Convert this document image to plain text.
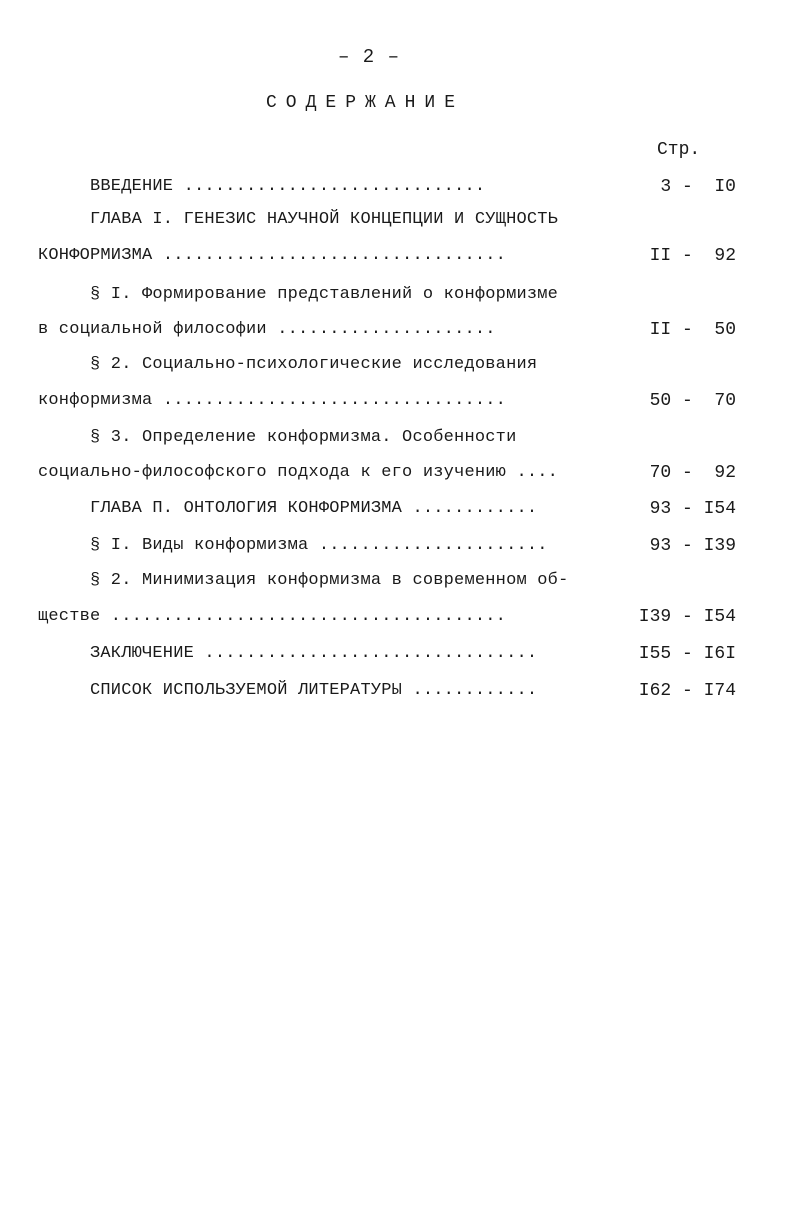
– 2 –
СОДЕРЖАНИЕ
Стр.
ВВЕДЕНИЕ .............................	3 -  I0
ГЛАВА I. ГЕНЕЗИС НАУЧНОЙ КОНЦЕПЦИИ И СУЩНОСТЬ
КОНФОРМИЗМА .................................	II -  92
§ I. Формирование представлений о конформизме
в социальной философии .....................	II -  50
§ 2. Социально-психологические исследования
конформизма .................................	50 -  70
§ 3. Определение конформизма. Особенности
социально-философского подхода к его изучению ....	70 -  92
ГЛАВА П. ОНТОЛОГИЯ КОНФОРМИЗМА ............	93 - I54
§ I. Виды конформизма ......................	93 - I39
§ 2. Минимизация конформизма в современном об-
ществе ......................................	I39 - I54
ЗАКЛЮЧЕНИЕ ................................	I55 - I6I
СПИСОК ИСПОЛЬЗУЕМОЙ ЛИТЕРАТУРЫ ............	I62 - I74
